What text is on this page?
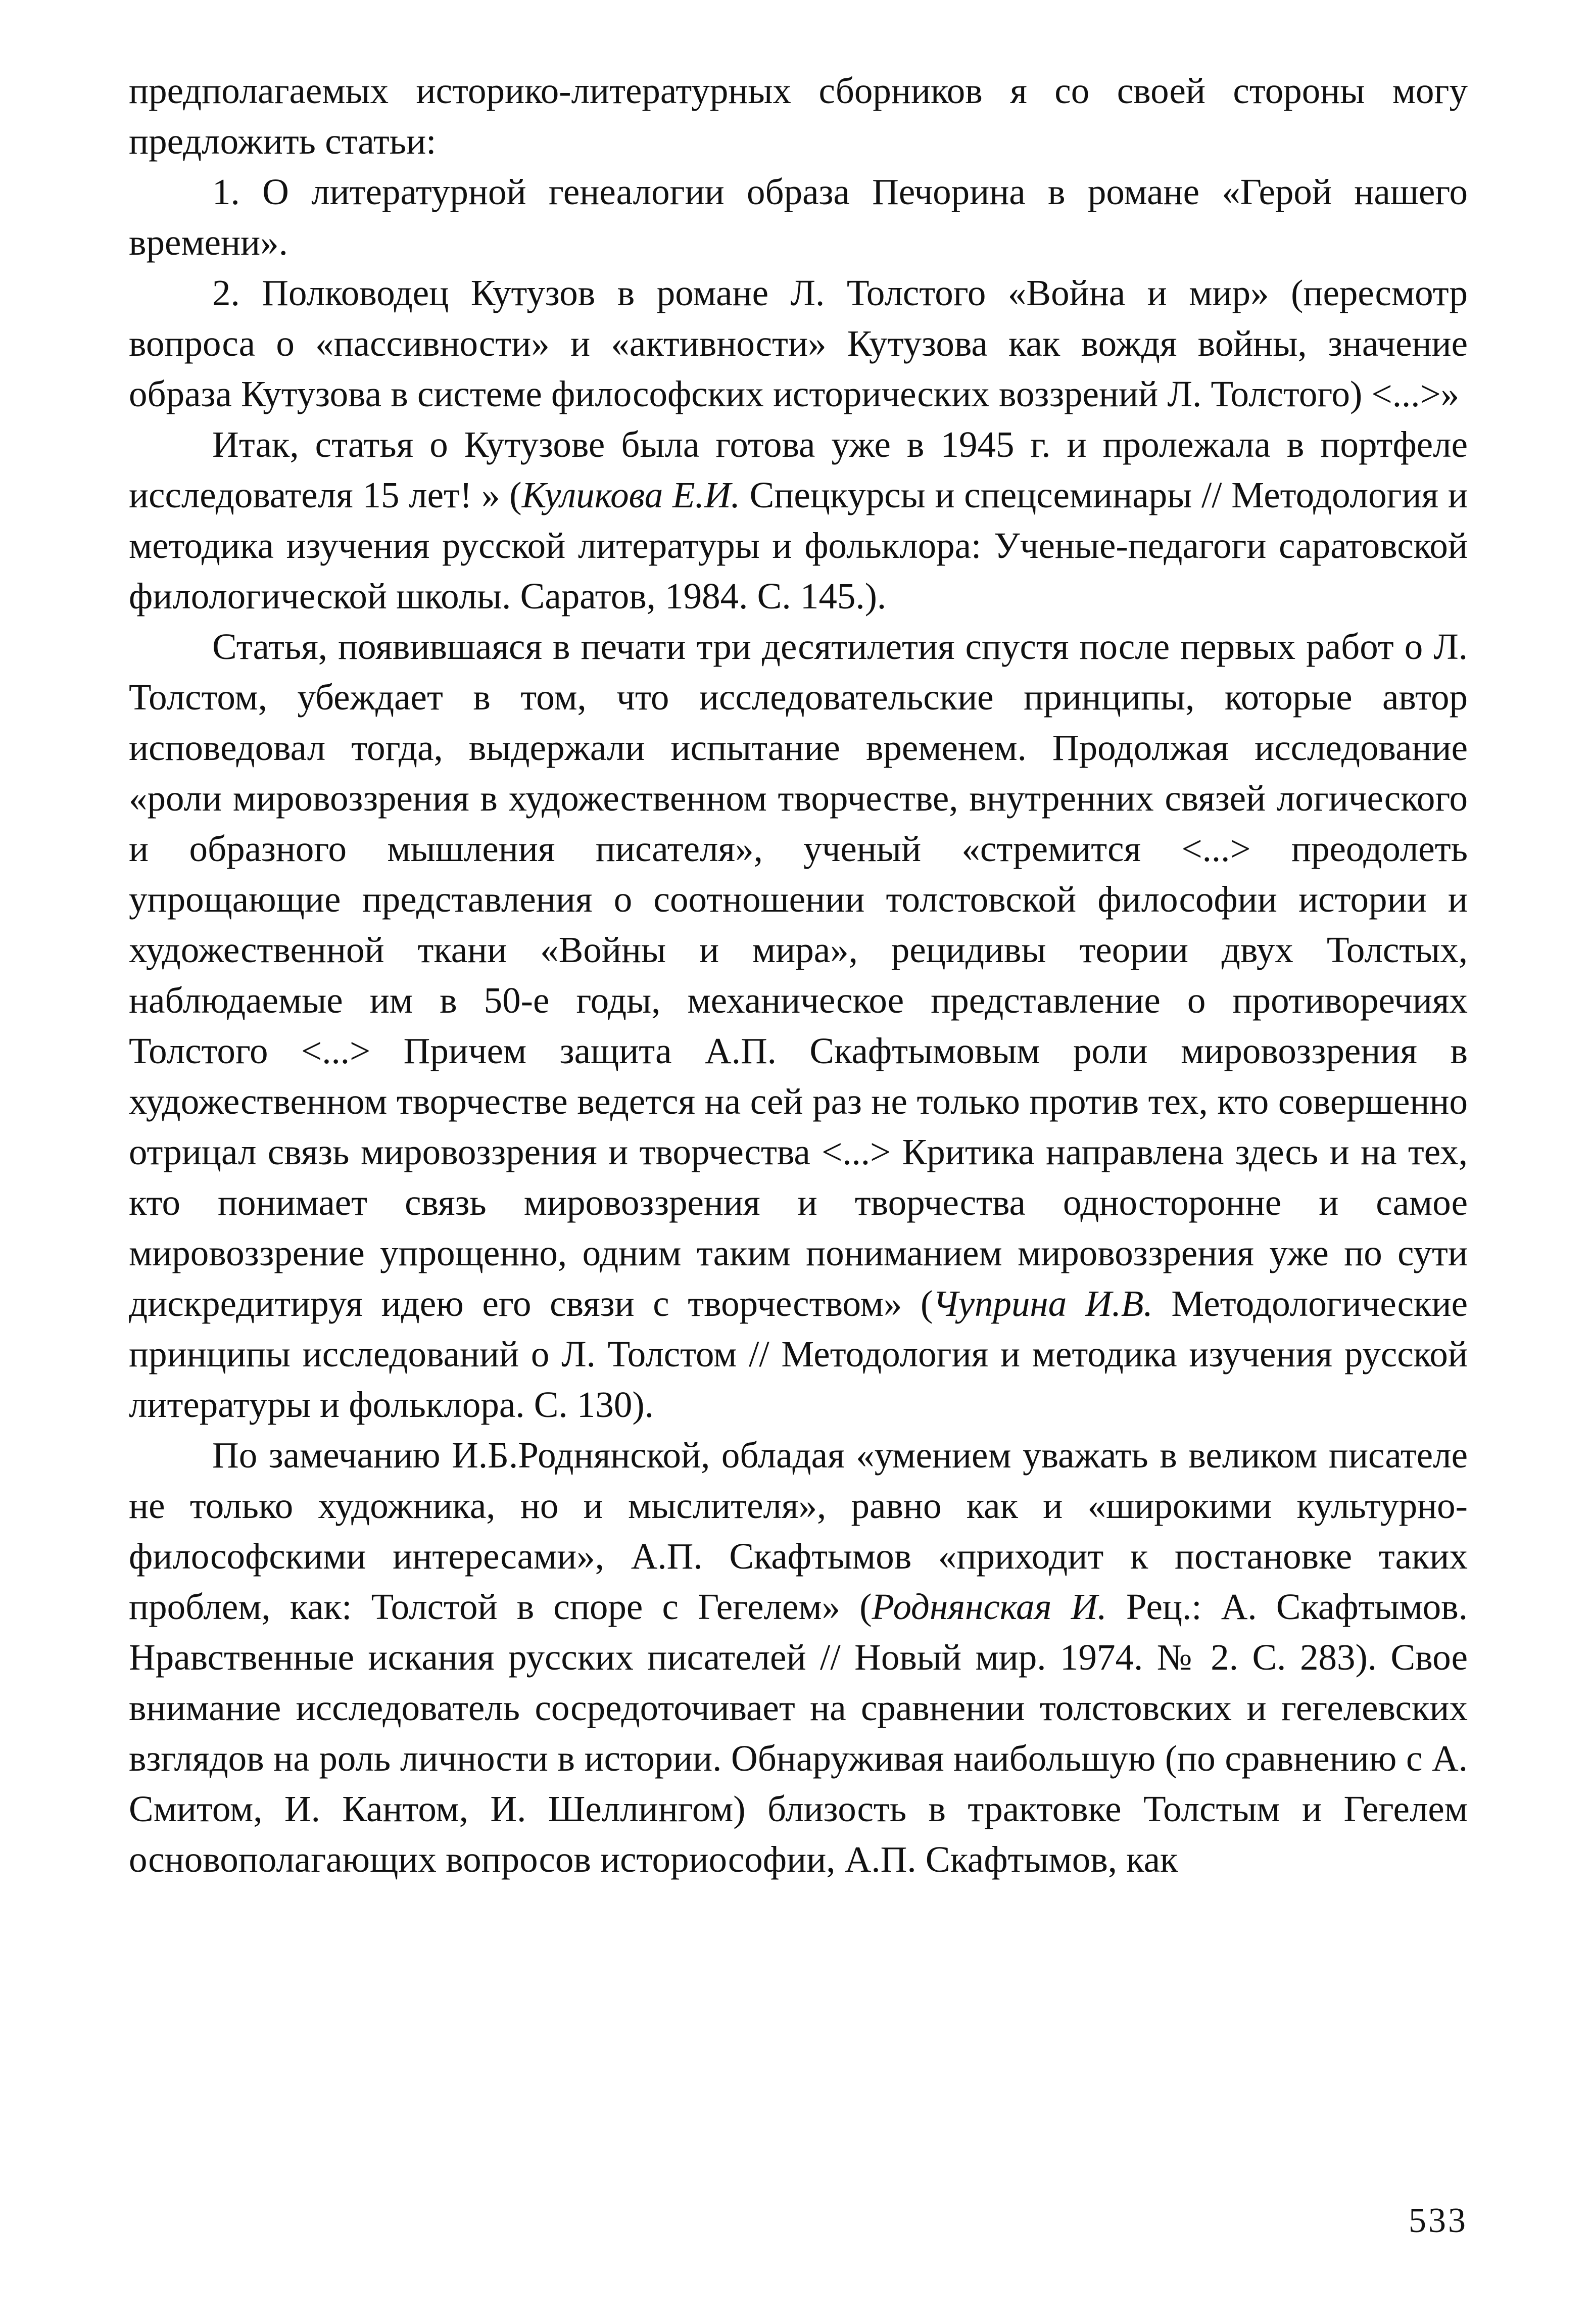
предполагаемых историко-литературных сборников я со своей стороны могу предложить статьи:

1. О литературной генеалогии образа Печорина в романе «Герой нашего времени».

2. Полководец Кутузов в романе Л. Толстого «Война и мир» (пересмотр вопроса о «пассивности» и «активности» Кутузова как вождя войны, значение образа Кутузова в системе философских исторических воззрений Л. Толстого) <...>»

Итак, статья о Кутузове была готова уже в 1945 г. и пролежала в портфеле исследователя 15 лет! » (Куликова Е.И. Спецкурсы и спецсеминары // Методология и методика изучения русской литературы и фольклора: Ученые-педагоги саратовской филологической школы. Саратов, 1984. С. 145.).

Статья, появившаяся в печати три десятилетия спустя после первых работ о Л. Толстом, убеждает в том, что исследовательские принципы, которые автор исповедовал тогда, выдержали испытание временем. Продолжая исследование «роли мировоззрения в художественном творчестве, внутренних связей логического и образного мышления писателя», ученый «стремится <...> преодолеть упрощающие представления о соотношении толстовской философии истории и художественной ткани «Войны и мира», рецидивы теории двух Толстых, наблюдаемые им в 50-е годы, механическое представление о противоречиях Толстого <...> Причем защита А.П. Скафтымовым роли мировоззрения в художественном творчестве ведется на сей раз не только против тех, кто совершенно отрицал связь мировоззрения и творчества <...> Критика направлена здесь и на тех, кто понимает связь мировоззрения и творчества односторонне и самое мировоззрение упрощенно, одним таким пониманием мировоззрения уже по сути дискредитируя идею его связи с творчеством» (Чуприна И.В. Методологические принципы исследований о Л. Толстом // Методология и методика изучения русской литературы и фольклора. С. 130).

По замечанию И.Б.Роднянской, обладая «умением уважать в великом писателе не только художника, но и мыслителя», равно как и «широкими культурно-философскими интересами», А.П. Скафтымов «приходит к постановке таких проблем, как: Толстой в споре с Гегелем» (Роднянская И. Рец.: А. Скафтымов. Нравственные искания русских писателей // Новый мир. 1974. № 2. С. 283). Свое внимание исследователь сосредоточивает на сравнении толстовских и гегелевских взглядов на роль личности в истории. Обнаруживая наибольшую (по сравнению с А. Смитом, И. Кантом, И. Шеллингом) близость в трактовке Толстым и Гегелем основополагающих вопросов историософии, А.П. Скафтымов, как

533
